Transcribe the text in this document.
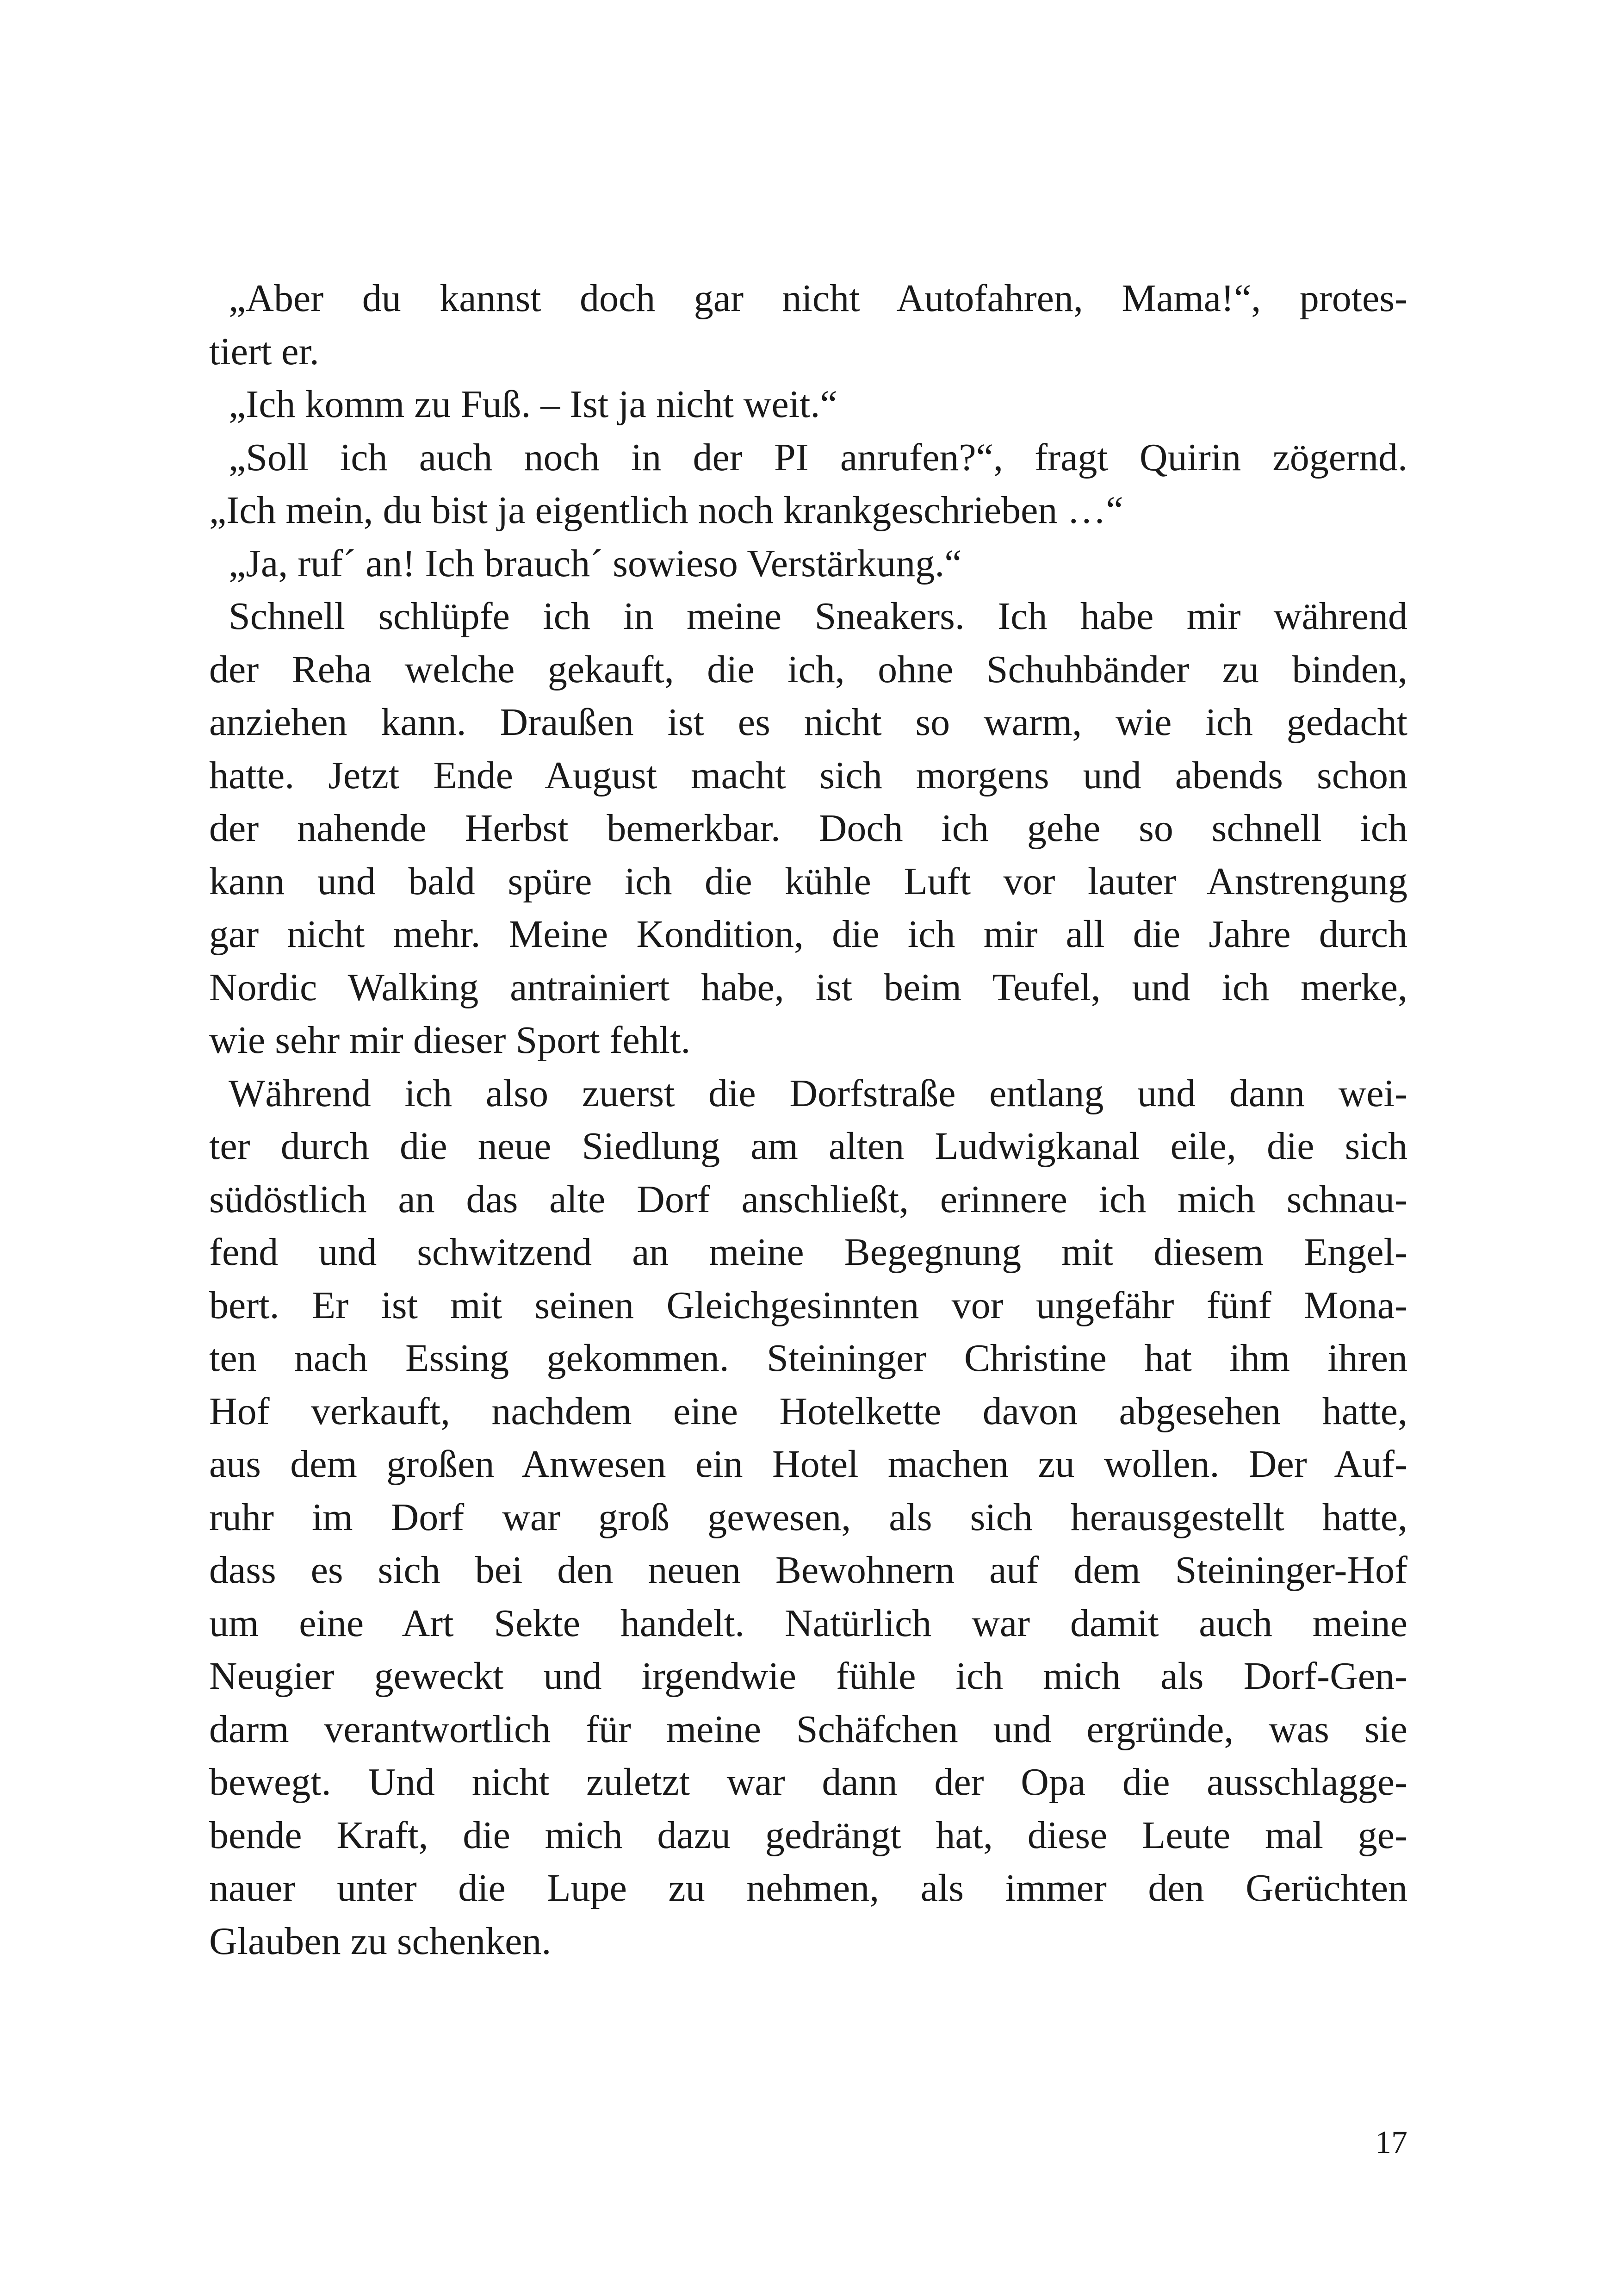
„Aber du kannst doch gar nicht Autofahren, Mama!“, protes-
tiert er.
„Ich komm zu Fuß. – Ist ja nicht weit.“
„Soll ich auch noch in der PI anrufen?“, fragt Quirin zögernd.
„Ich mein, du bist ja eigentlich noch krankgeschrieben …“
„Ja, ruf´ an! Ich brauch´ sowieso Verstärkung.“
Schnell schlüpfe ich in meine Sneakers. Ich habe mir während
der Reha welche gekauft, die ich, ohne Schuhbänder zu binden,
anziehen kann. Draußen ist es nicht so warm, wie ich gedacht
hatte. Jetzt Ende August macht sich morgens und abends schon
der nahende Herbst bemerkbar. Doch ich gehe so schnell ich
kann und bald spüre ich die kühle Luft vor lauter Anstrengung
gar nicht mehr. Meine Kondition, die ich mir all die Jahre durch
Nordic Walking antrainiert habe, ist beim Teufel, und ich merke,
wie sehr mir dieser Sport fehlt.
Während ich also zuerst die Dorfstraße entlang und dann wei-
ter durch die neue Siedlung am alten Ludwigkanal eile, die sich
südöstlich an das alte Dorf anschließt, erinnere ich mich schnau-
fend und schwitzend an meine Begegnung mit diesem Engel-
bert. Er ist mit seinen Gleichgesinnten vor ungefähr fünf Mona-
ten nach Essing gekommen. Steininger Christine hat ihm ihren
Hof verkauft, nachdem eine Hotelkette davon abgesehen hatte,
aus dem großen Anwesen ein Hotel machen zu wollen. Der Auf-
ruhr im Dorf war groß gewesen, als sich herausgestellt hatte,
dass es sich bei den neuen Bewohnern auf dem Steininger-Hof
um eine Art Sekte handelt. Natürlich war damit auch meine
Neugier geweckt und irgendwie fühle ich mich als Dorf-Gen-
darm verantwortlich für meine Schäfchen und ergründe, was sie
bewegt. Und nicht zuletzt war dann der Opa die ausschlagge-
bende Kraft, die mich dazu gedrängt hat, diese Leute mal ge-
nauer unter die Lupe zu nehmen, als immer den Gerüchten
Glauben zu schenken.
17
